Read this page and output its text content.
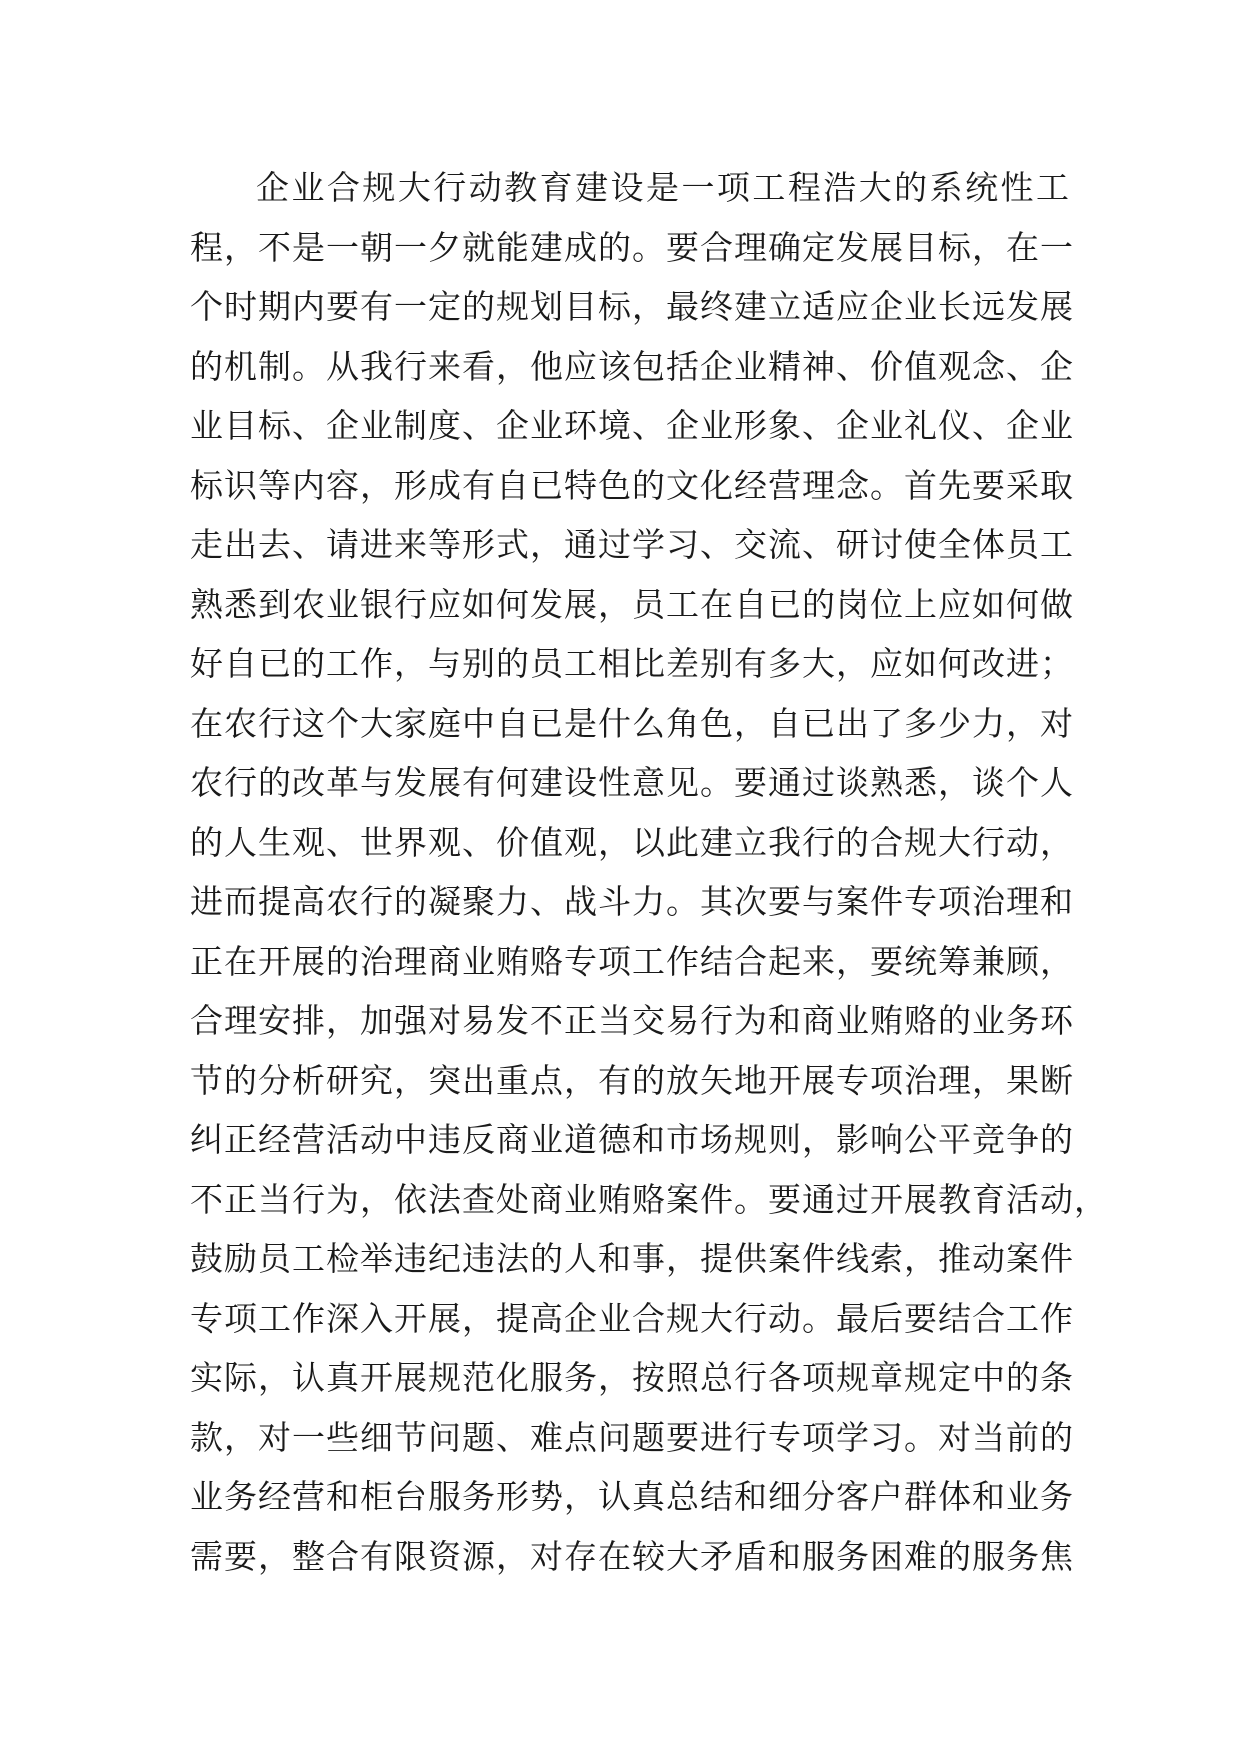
企业合规大行动教育建设是一项工程浩大的系统性工
程，不是一朝一夕就能建成的。要合理确定发展目标，在一
个时期内要有一定的规划目标，最终建立适应企业长远发展
的机制。从我行来看，他应该包括企业精神、价值观念、企
业目标、企业制度、企业环境、企业形象、企业礼仪、企业
标识等内容，形成有自已特色的文化经营理念。首先要采取
走出去、请进来等形式，通过学习、交流、研讨使全体员工
熟悉到农业银行应如何发展，员工在自已的岗位上应如何做
好自已的工作，与别的员工相比差别有多大，应如何改进；
在农行这个大家庭中自已是什么角色，自已出了多少力，对
农行的改革与发展有何建设性意见。要通过谈熟悉，谈个人
的人生观、世界观、价值观，以此建立我行的合规大行动，
进而提高农行的凝聚力、战斗力。其次要与案件专项治理和
正在开展的治理商业贿赂专项工作结合起来，要统筹兼顾，
合理安排，加强对易发不正当交易行为和商业贿赂的业务环
节的分析研究，突出重点，有的放矢地开展专项治理，果断
纠正经营活动中违反商业道德和市场规则，影响公平竞争的
不正当行为，依法查处商业贿赂案件。要通过开展教育活动，
鼓励员工检举违纪违法的人和事，提供案件线索，推动案件
专项工作深入开展，提高企业合规大行动。最后要结合工作
实际，认真开展规范化服务，按照总行各项规章规定中的条
款，对一些细节问题、难点问题要进行专项学习。对当前的
业务经营和柜台服务形势，认真总结和细分客户群体和业务
需要，整合有限资源，对存在较大矛盾和服务困难的服务焦
